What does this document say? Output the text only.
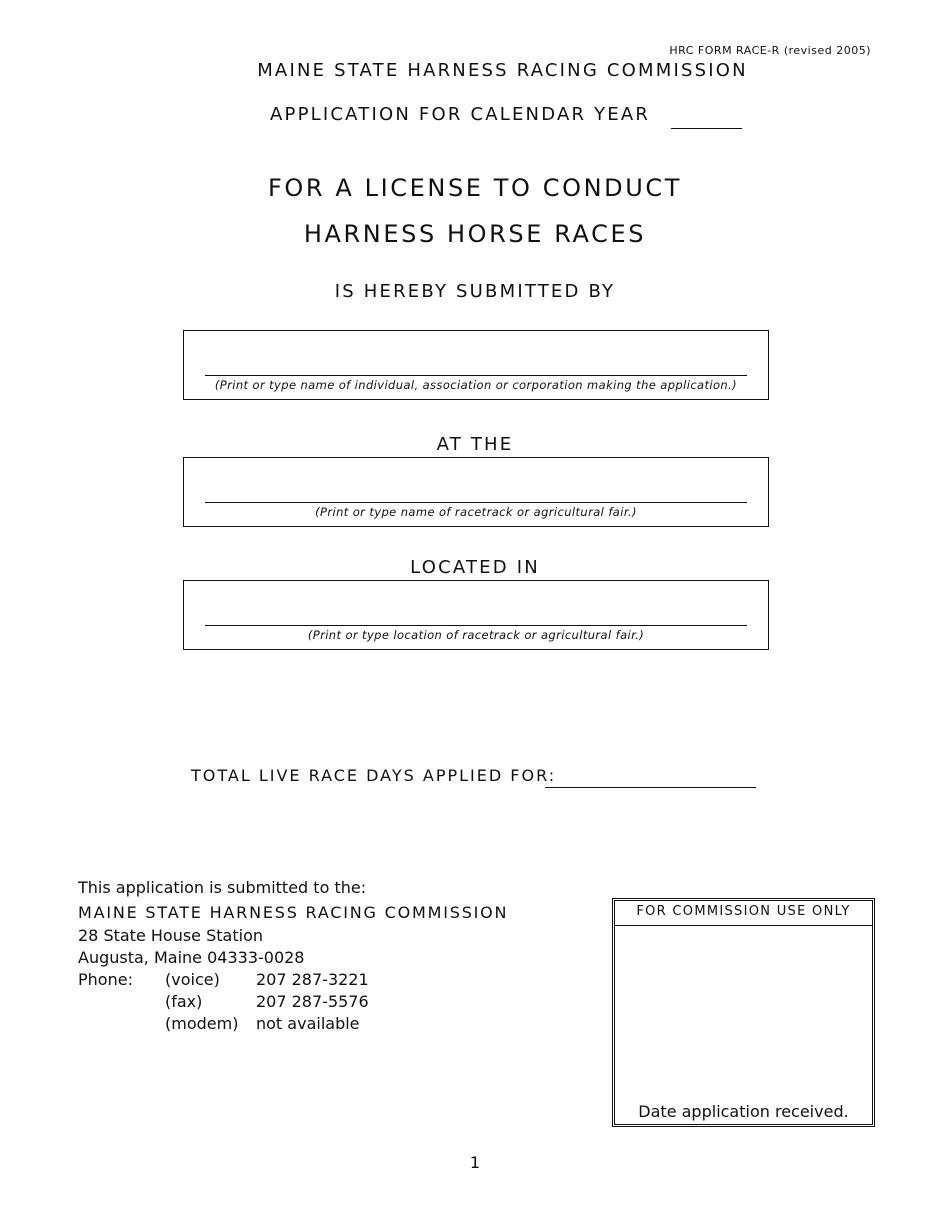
HRC FORM RACE-R (revised 2005)
MAINE STATE HARNESS RACING COMMISSION
APPLICATION FOR CALENDAR YEAR
FOR A LICENSE TO CONDUCT
HARNESS HORSE RACES
IS HEREBY SUBMITTED BY
(Print or type name of individual, association or corporation making the application.)
AT THE
(Print or type name of racetrack or agricultural fair.)
LOCATED IN
(Print or type location of racetrack or agricultural fair.)
TOTAL LIVE RACE DAYS APPLIED FOR:
This application is submitted to the:
MAINE STATE HARNESS RACING COMMISSION
28 State House Station
Augusta, Maine 04333-0028
Phone: (voice) 207 287-3221
(fax)	207 287-5576
(modem) not available
FOR COMMISSION USE ONLY
Date application received.
1
